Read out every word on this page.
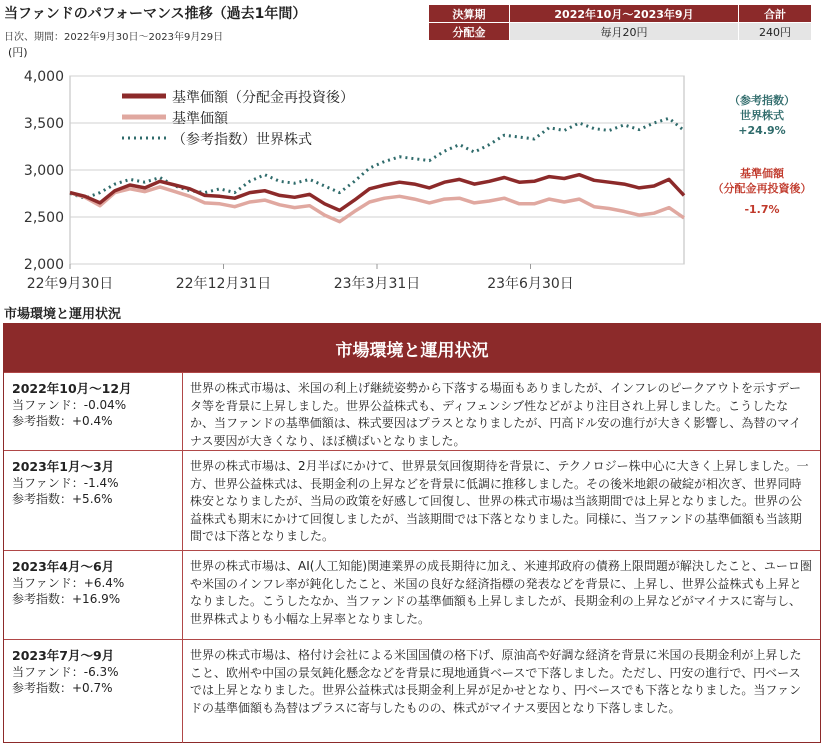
当ファンドのパフォーマンス推移（過去1年間）
日次、期間：2022年9月30日～2023年9月29日
決算期	2022年10月～2023年9月	合計
分配金	毎月20円	240円
(円)
4,000
3,500
3,000
2,500
2,000
22年9月30日	22年12月31日	23年3月31日	23年6月30日
基準価額（分配金再投資後）
基準価額
（参考指数）世界株式
（参考指数）
世界株式
+24.9%
基準価額
（分配金再投資後）
-1.7%
市場環境と運用状況
市場環境と運用状況
2022年10月～12月
当ファンド：-0.04%
参考指数：+0.4%
世界の株式市場は、米国の利上げ継続姿勢から下落する場面もありましたが、インフレのピークアウトを示すデータ等を背景に上昇しました。世界公益株式も、ディフェンシブ性などがより注目され上昇しました。こうしたなか、当ファンドの基準価額は、株式要因はプラスとなりましたが、円高ドル安の進行が大きく影響し、為替のマイナス要因が大きくなり、ほぼ横ばいとなりました。
2023年1月～3月
当ファンド：-1.4%
参考指数：+5.6%
世界の株式市場は、2月半ばにかけて、世界景気回復期待を背景に、テクノロジー株中心に大きく上昇しました。一方、世界公益株式は、長期金利の上昇などを背景に低調に推移しました。その後米地銀の破綻が相次ぎ、世界同時株安となりましたが、当局の政策を好感して回復し、世界の株式市場は当該期間では上昇となりました。世界の公益株式も期末にかけて回復しましたが、当該期間では下落となりました。同様に、当ファンドの基準価額も当該期間では下落となりました。
2023年4月～6月
当ファンド：+6.4%
参考指数：+16.9%
世界の株式市場は、AI(人工知能)関連業界の成長期待に加え、米連邦政府の債務上限問題が解決したこと、ユーロ圏や米国のインフレ率が鈍化したこと、米国の良好な経済指標の発表などを背景に、上昇し、世界公益株式も上昇となりました。こうしたなか、当ファンドの基準価額も上昇しましたが、長期金利の上昇などがマイナスに寄与し、世界株式よりも小幅な上昇率となりました。
2023年7月～9月
当ファンド：-6.3%
参考指数：+0.7%
世界の株式市場は、格付け会社による米国国債の格下げ、原油高や好調な経済を背景に米国の長期金利が上昇したこと、欧州や中国の景気鈍化懸念などを背景に現地通貨ベースで下落しました。ただし、円安の進行で、円ベースでは上昇となりました。世界公益株式は長期金利上昇が足かせとなり、円ベースでも下落となりました。当ファンドの基準価額も為替はプラスに寄与したものの、株式がマイナス要因となり下落しました。
